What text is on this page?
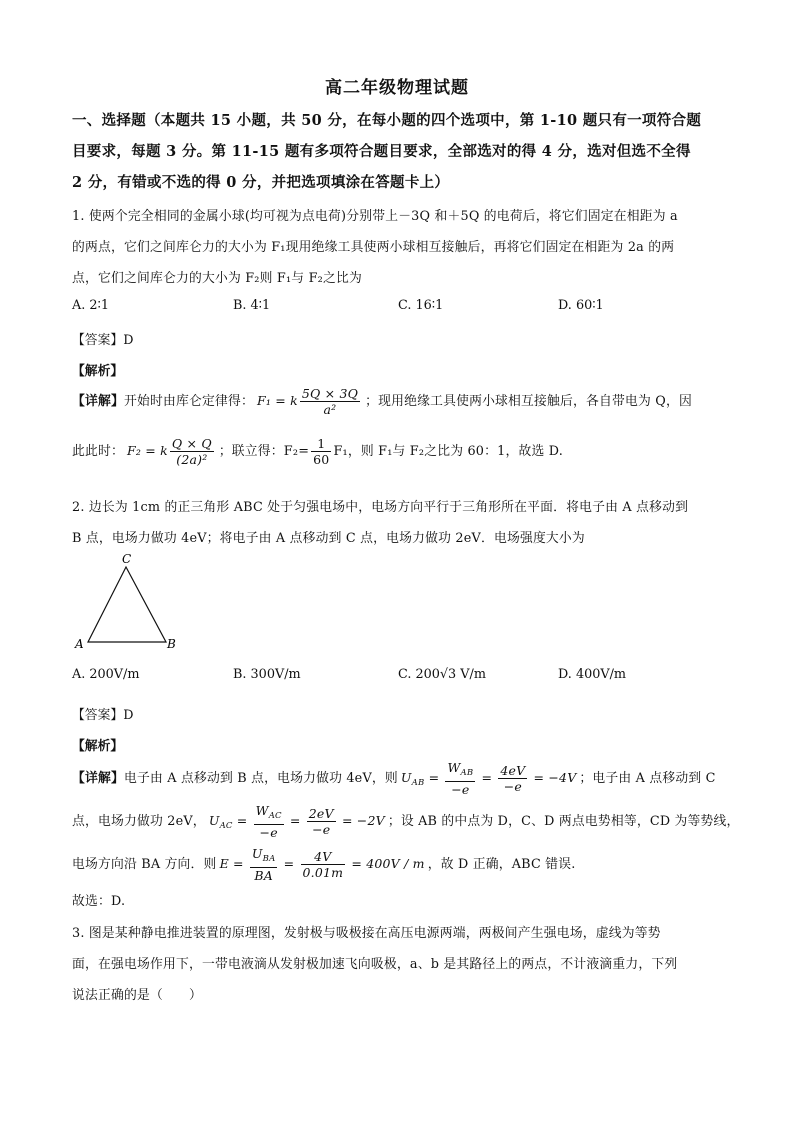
高二年级物理试题
一、选择题（本题共 15 小题，共 50 分，在每小题的四个选项中，第 1-10 题只有一项符合题
目要求，每题 3 分。第 11-15 题有多项符合题目要求，全部选对的得 4 分，选对但选不全得
2 分，有错或不选的得 0 分，并把选项填涂在答题卡上）
1. 使两个完全相同的金属小球(均可视为点电荷)分别带上－3Q 和＋5Q 的电荷后，将它们固定在相距为 a
的两点，它们之间库仑力的大小为 F₁现用绝缘工具使两小球相互接触后，再将它们固定在相距为 2a 的两
点，它们之间库仑力的大小为 F₂则 F₁与 F₂之比为
A. 2∶1	B. 4∶1	C. 16∶1	D. 60∶1
【答案】D
【解析】
【详解】开始时由库仑定律得： F₁ = k $\frac{5Q \times 3Q}{\text{a²}}$ ；现用绝缘工具使两小球相互接触后，各自带电为 Q，因
此此时： F₂ = k $\frac{Q \times Q}{\text{(2a)²}}$ ；联立得：$F_2= \frac{1}{60} F_1$，则 F₁与 F₂之比为 60：1，故选 D.
2. 边长为 1cm 的正三角形 ABC 处于匀强电场中，电场方向平行于三角形所在平面．将电子由 A 点移动到
B 点，电场力做功 4eV；将电子由 A 点移动到 C 点，电场力做功 2eV．电场强度大小为
C
A	B
A. 200V/m	B. 300V/m	C. 200√3 V/m	D. 400V/m
【答案】D
【解析】
【详解】电子由 A 点移动到 B 点，电场力做功 4eV，则 $U_{AB} = \frac{W_{AB}}{-e} = \frac{4eV}{-e} = -4V$ ；电子由 A 点移动到 C
点，电场力做功 2eV， $U_{AC} = \frac{W_{AC}}{-e} = \frac{2eV}{-e} = -2V$ ；设 AB 的中点为 D，C、D 两点电势相等，CD 为等势线，
电场方向沿 BA 方向．则 $E = \frac{U_{BA}}{BA} = \frac{4V}{0.01m} = 400V / m$ ，故 D 正确，ABC 错误.
故选：D.
3. 图是某种静电推进装置的原理图，发射极与吸极接在高压电源两端，两极间产生强电场，虚线为等势
面，在强电场作用下，一带电液滴从发射极加速飞向吸极，a、b 是其路径上的两点，不计液滴重力，下列
说法正确的是（　　）
